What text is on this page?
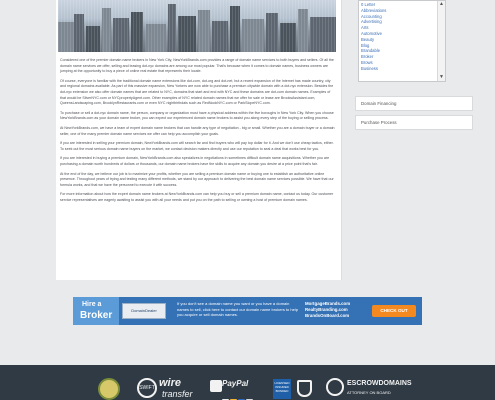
Considered one of the premier domain name brokers in New York City, NewYorkBrands.com provides a range of domain name services to both buyers and sellers. Of all the domain name services we offer, selling and leasing dot-nyc domains are among our most popular. That's because when it comes to domain names, business owners are jumping at the opportunity to buy a piece of online real estate that represents their locale.

Of course, everyone is familiar with the traditional domain name extensions like dot-com, dot-org and dot-net, but a recent expansion of the Internet has made country, city and regional domains available. As part of this massive expansion, New Yorkers are now able to purchase a premium citywide domain with a dot-nyc extension. Besides the dot-nyc extension we also offer domain names that are related to NYC, domains that start and end with NYC and these domains are dot-com domain names. Examples of that would be SilverNYC.com or NYCpropertyAgent.com. Other examples of NYC related domain names that we offer for sale or lease are BrooksAssistant.com, QueensLandscaping.com, BrooklynRestaurants.com or even NYC nightbirthdals such as RedNookNYC.com or ParkSlopeNYC.com.

To purchase or sell a dot-nyc domain name, the person, company or organization must have a physical address within the five boroughs in New York City. When you choose NewYorkBrands.com as your domain name broker, you can expect our experienced domain name brokers to assist you along every step of the buying or selling process.

At NewYorkBrands.com, we have a team of expert domain name brokers that can handle any type of negotiation - big or small. Whether you are a domain buyer or a domain seller, one of the many premier domain name services we offer can help you accomplish your goals.

If you are interested in selling your premium domain, NewYorkBrands.com will search far and find buyers who will pay top dollar for it. And we don't use cheap tactics, either. To seek out the most serious domain name buyers on the market, we contact decision makers directly and use our reputation to seal a deal that works best for you.

If you are interested in buying a premium domain, NewYorkBrands.com also specializes in negotiations in sometimes difficult domain name acquisitions. Whether you are purchasing a domain worth hundreds of dollars or thousands, our domain name brokers have the skills to acquire any domain you desire at a price point that's fair.

At the end of the day, we believe our job is to maximize your profits, whether you are selling a premium domain name or buying one to establish an authoritative online presence. Throughout years of trying and testing many different methods, we stand by our approach to delivering the best domain name services possible. We have that our formula works, and that we have the personnel to execute it with success.

For more information about how the expert domain name brokers at NewYorkBrands.com can help you buy or sell a premium domain name, contact us today. Our customer service representatives are eagerly awaiting to assist you with all your needs and put you on the path to selling or owning a host of premium domain names.

0 Letter
Abbreviations
Accounting
Advertising
Arts
Automotive
Beauty
Blog
Brandable
Broker
Brows
Business
▲
▼
Domain Financing
Purchase Process
Hire a
Broker	DomainDealer
If you don't see a domain name you want or you have a domain names to sell, click here to contact our domain name brokers to help you acquire or sell domain names.
MortgageBrands.com
RealtyBranding.com
BrandsOnBoard.com
CHECK OUT
SWIFT wire
transfer
PayPal	LICENSED INSURED BONDED
ESCROWDOMAINS
ATTORNEY ON BOARD
